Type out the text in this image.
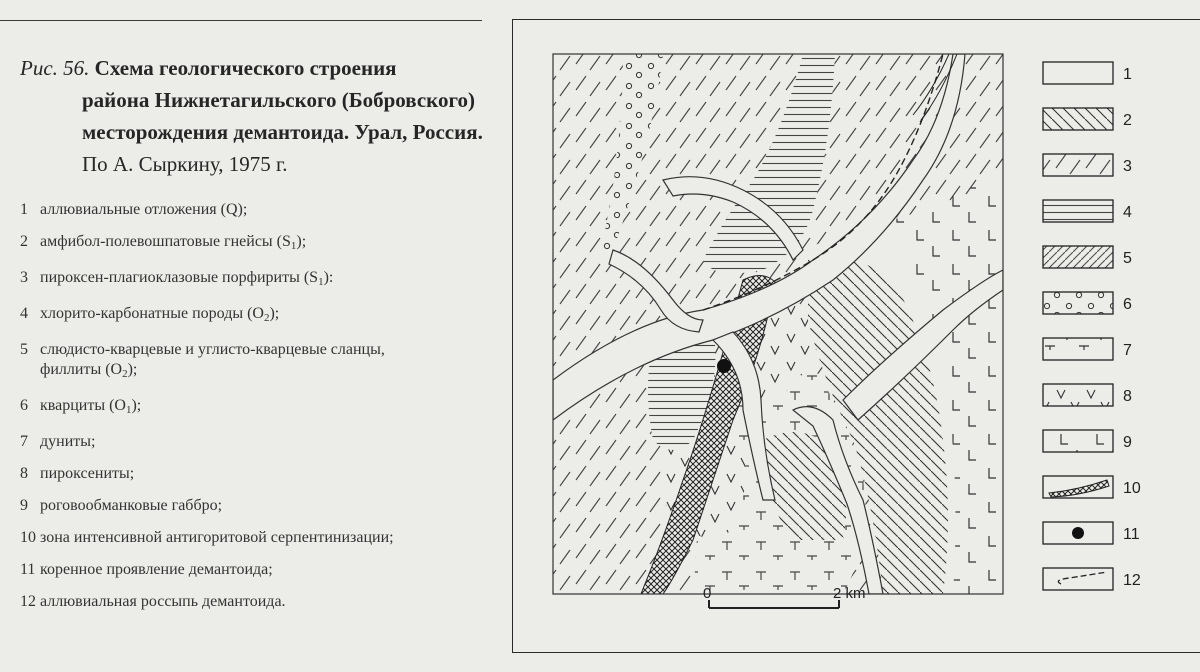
Рис. 56. Схема геологического строения
района Нижнетагильского (Бобровского) месторождения демантоида. Урал, Россия. По А. Сыркину, 1975 г.
1 аллювиальные отложения (Q);
2 амфибол-полевошпатовые гнейсы $(S_1)$;
3 пироксен-плагиоклазовые порфириты $(S_1)$:
4 хлорито-карбонатные породы $(O_2)$;
5 слюдисто-кварцевые и углисто-кварцевые сланцы,
филлиты $(O_2)$;
6 кварциты $(O_1)$;
7 дуниты;
8 пироксениты;
9 роговообманковые габбро;
10 зона интенсивной антигоритовой серпентинизации;
11 коренное проявление демантоида;
12 аллювиальная россыпь демантоида.	0	2 km
1
2
3
4
5
6
7
8
9
10
11
12
